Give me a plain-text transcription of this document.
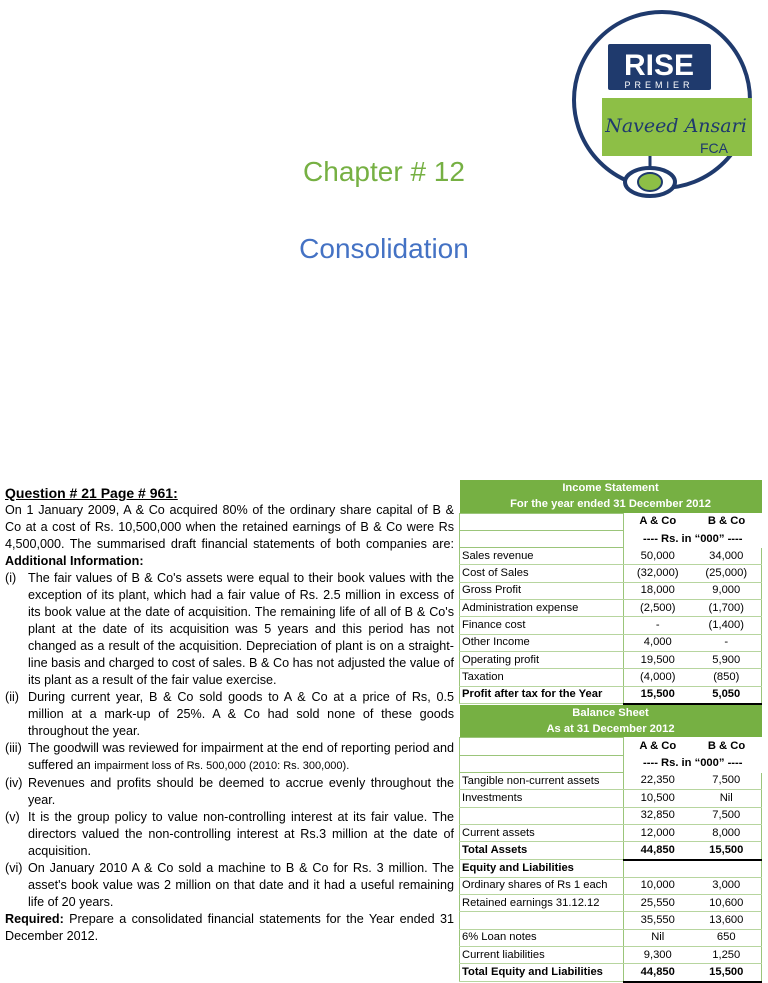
RISE
PREMIER
Naveed Ansari
FCA
Chapter # 12
Consolidation
Question # 21 Page # 961:
On 1 January 2009, A & Co acquired 80% of the ordinary share capital of B & Co at a cost of Rs. 10,500,000 when the retained earnings of B & Co were Rs 4,500,000. The summarised draft financial statements of both companies are: Additional Information:
(i) The fair values of B & Co's assets were equal to their book values with the exception of its plant, which had a fair value of Rs. 2.5 million in excess of its book value at the date of acquisition. The remaining life of all of B & Co's plant at the date of its acquisition was 5 years and this period has not changed as a result of the acquisition. Depreciation of plant is on a straight-line basis and charged to cost of sales. B & Co has not adjusted the value of its plant as a result of the fair value exercise.
(ii) During current year, B & Co sold goods to A & Co at a price of Rs, 0.5 million at a mark-up of 25%. A & Co had sold none of these goods throughout the year.
(iii) The goodwill was reviewed for impairment at the end of reporting period and suffered an impairment loss of Rs. 500,000 (2010: Rs. 300,000).
(iv) Revenues and profits should be deemed to accrue evenly throughout the year.
(v) It is the group policy to value non-controlling interest at its fair value. The directors valued the non-controlling interest at Rs.3 million at the date of acquisition.
(vi) On January 2010 A & Co sold a machine to B & Co for Rs. 3 million. The asset's book value was 2 million on that date and it had a useful remaining life of 20 years.
Required: Prepare a consolidated financial statements for the Year ended 31 December 2012.
Income Statement		
For the year ended 31 December 2012		
	A & Co	B & Co
	---- Rs. in “000” ----	
Sales revenue	50,000	34,000
Cost of Sales	(32,000)	(25,000)
Gross Profit	18,000	9,000
Administration expense	(2,500)	(1,700)
Finance cost	-	(1,400)
Other Income	4,000	-
Operating profit	19,500	5,900
Taxation	(4,000)	(850)
Profit after tax for the Year	15,500	5,050
Balance Sheet		
As at 31 December 2012		
	A & Co	B & Co
	---- Rs. in “000” ----	
Tangible non-current assets	22,350	7,500
Investments	10,500	Nil
	32,850	7,500
Current assets	12,000	8,000
Total Assets	44,850	15,500
Equity and Liabilities		
Ordinary shares of Rs 1 each	10,000	3,000
Retained earnings 31.12.12	25,550	10,600
	35,550	13,600
6% Loan notes	Nil	650
Current liabilities	9,300	1,250
Total Equity and Liabilities	44,850	15,500
